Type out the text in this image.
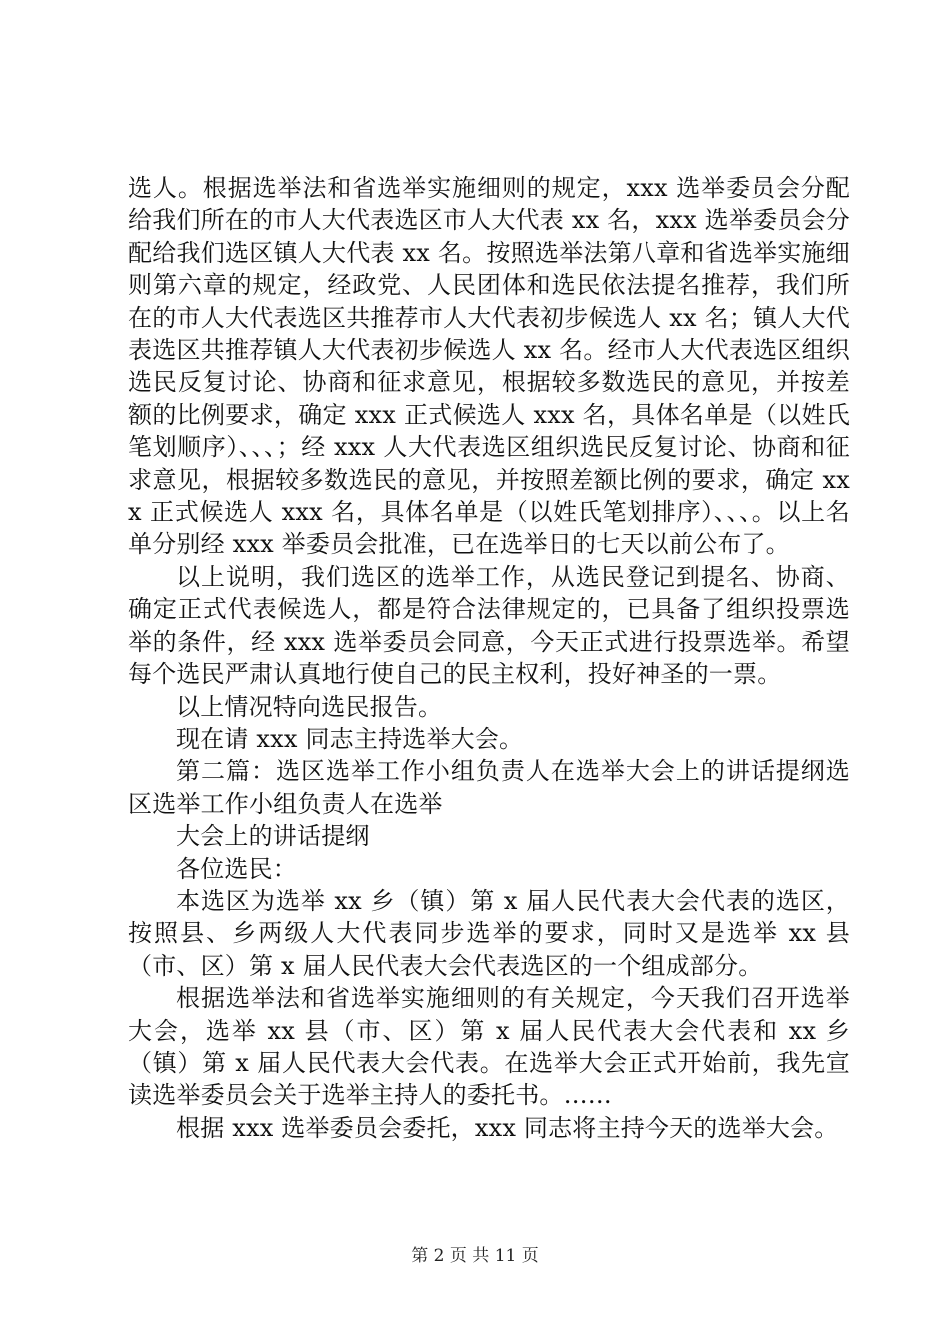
选人。根据选举法和省选举实施细则的规定，xxx 选举委员会分配给我们所在的市人大代表选区市人大代表 xx 名，xxx 选举委员会分配给我们选区镇人大代表 xx 名。按照选举法第八章和省选举实施细则第六章的规定，经政党、人民团体和选民依法提名推荐，我们所在的市人大代表选区共推荐市人大代表初步候选人 xx 名；镇人大代表选区共推荐镇人大代表初步候选人 xx 名。经市人大代表选区组织选民反复讨论、协商和征求意见，根据较多数选民的意见，并按差额的比例要求，确定 xxx 正式候选人 xxx 名，具体名单是（以姓氏笔划顺序）、、、；经 xxx 人大代表选区组织选民反复讨论、协商和征求意见，根据较多数选民的意见，并按照差额比例的要求，确定 xxx 正式候选人 xxx 名，具体名单是（以姓氏笔划排序）、、、。以上名单分别经 xxx 举委员会批准，已在选举日的七天以前公布了。

以上说明，我们选区的选举工作，从选民登记到提名、协商、确定正式代表候选人，都是符合法律规定的，已具备了组织投票选举的条件，经 xxx 选举委员会同意，今天正式进行投票选举。希望每个选民严肃认真地行使自己的民主权利，投好神圣的一票。

以上情况特向选民报告。

现在请 xxx 同志主持选举大会。

第二篇：选区选举工作小组负责人在选举大会上的讲话提纲选区选举工作小组负责人在选举

大会上的讲话提纲

各位选民：

本选区为选举 xx 乡（镇）第 x 届人民代表大会代表的选区，按照县、乡两级人大代表同步选举的要求，同时又是选举 xx 县（市、区）第 x 届人民代表大会代表选区的一个组成部分。

根据选举法和省选举实施细则的有关规定，今天我们召开选举大会，选举 xx 县（市、区）第 x 届人民代表大会代表和 xx 乡（镇）第 x 届人民代表大会代表。在选举大会正式开始前，我先宣读选举委员会关于选举主持人的委托书。……

根据 xxx 选举委员会委托，xxx 同志将主持今天的选举大会。

第 2 页 共 11 页
